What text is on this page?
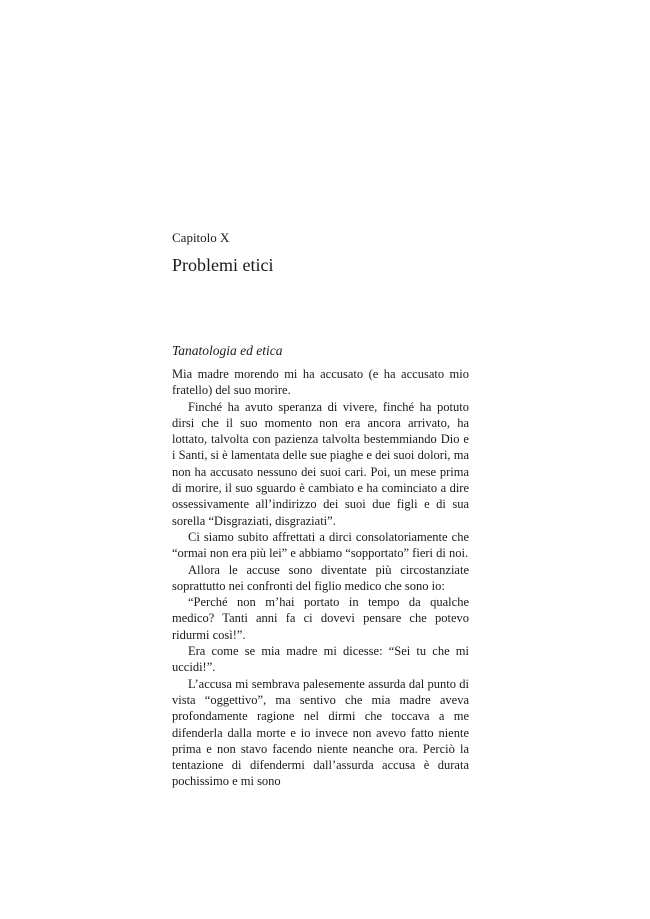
Capitolo X
Problemi etici
Tanatologia ed etica

Mia madre morendo mi ha accusato (e ha accusato mio fratello) del suo morire.

Finché ha avuto speranza di vivere, finché ha potuto dirsi che il suo momento non era ancora arrivato, ha lottato, talvolta con pazienza talvolta bestemmiando Dio e i Santi, si è lamentata delle sue piaghe e dei suoi dolori, ma non ha accusato nessuno dei suoi cari. Poi, un mese prima di morire, il suo sguardo è cambiato e ha cominciato a dire ossessivamente all’indirizzo dei suoi due figli e di sua sorella “Disgraziati, disgraziati”.

Ci siamo subito affrettati a dirci consolatoriamente che “ormai non era più lei” e abbiamo “sopportato” fieri di noi.

Allora le accuse sono diventate più circostanziate soprattutto nei confronti del figlio medico che sono io:

“Perché non m’hai portato in tempo da qualche medico? Tanti anni fa ci dovevi pensare che potevo ridurmi così!”.

Era come se mia madre mi dicesse: “Sei tu che mi uccidi!”.

L’accusa mi sembrava palesemente assurda dal punto di vista “oggettivo”, ma sentivo che mia madre aveva profondamente ragione nel dirmi che toccava a me difenderla dalla morte e io invece non avevo fatto niente prima e non stavo facendo niente neanche ora. Perciò la tentazione di difendermi dall’assurda accusa è durata pochissimo e mi sono
